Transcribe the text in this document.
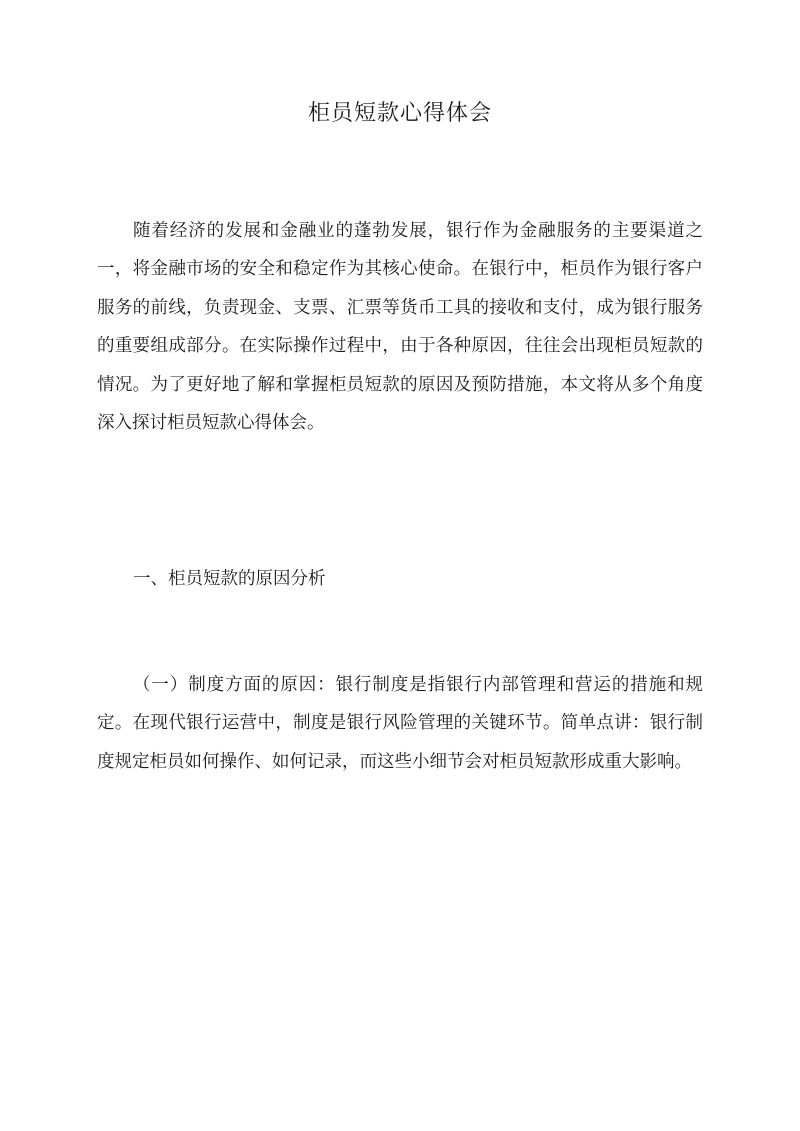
柜员短款心得体会

随着经济的发展和金融业的蓬勃发展，银行作为金融服务的主要渠道之一，将金融市场的安全和稳定作为其核心使命。在银行中，柜员作为银行客户服务的前线，负责现金、支票、汇票等货币工具的接收和支付，成为银行服务的重要组成部分。在实际操作过程中，由于各种原因，往往会出现柜员短款的情况。为了更好地了解和掌握柜员短款的原因及预防措施，本文将从多个角度深入探讨柜员短款心得体会。

一、柜员短款的原因分析

（一）制度方面的原因：银行制度是指银行内部管理和营运的措施和规定。在现代银行运营中，制度是银行风险管理的关键环节。简单点讲：银行制度规定柜员如何操作、如何记录，而这些小细节会对柜员短款形成重大影响。
